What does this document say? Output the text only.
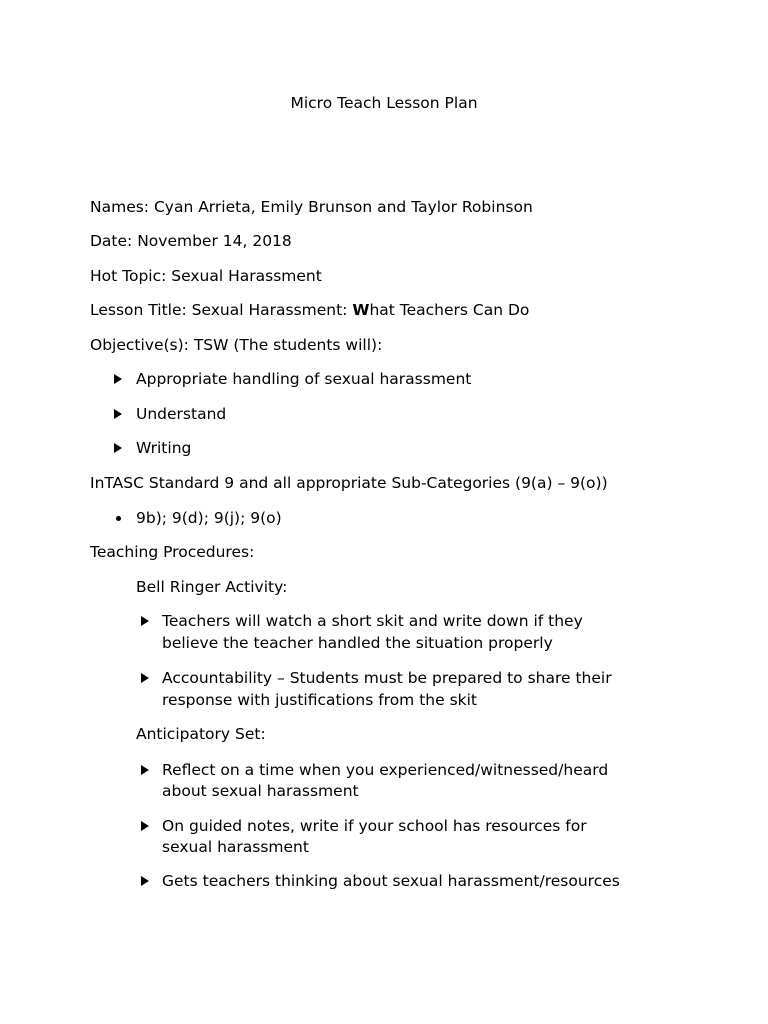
Micro Teach Lesson Plan
Names: Cyan Arrieta, Emily Brunson and Taylor Robinson
Date: November 14, 2018
Hot Topic: Sexual Harassment
Lesson Title: Sexual Harassment: What Teachers Can Do
Objective(s): TSW (The students will):
Appropriate handling of sexual harassment
Understand
Writing
InTASC Standard 9 and all appropriate Sub-Categories (9(a) – 9(o))
9b); 9(d); 9(j); 9(o)
Teaching Procedures:
Bell Ringer Activity:
Teachers will watch a short skit and write down if they
believe the teacher handled the situation properly
Accountability – Students must be prepared to share their
response with justifications from the skit
Anticipatory Set:
Reflect on a time when you experienced/witnessed/heard
about sexual harassment
On guided notes, write if your school has resources for
sexual harassment
Gets teachers thinking about sexual harassment/resources
